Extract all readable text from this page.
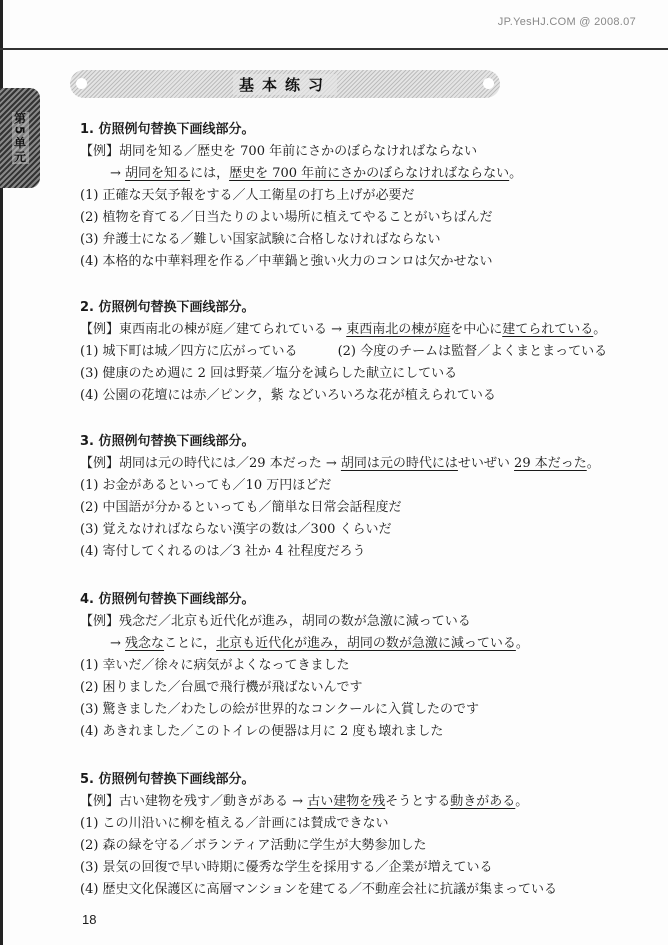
JP.YesHJ.COM @ 2008.07
基本练习
第5单元	1. 仿照例句替换下画线部分。
【例】胡同を知る／歴史を 700 年前にさかのぼらなければならない
→ 胡同を知るには，歴史を 700 年前にさかのぼらなければならない。
(1) 正確な天気予報をする／人工衛星の打ち上げが必要だ
(2) 植物を育てる／日当たりのよい場所に植えてやることがいちばんだ
(3) 弁護士になる／難しい国家試験に合格しなければならない
(4) 本格的な中華料理を作る／中華鍋と強い火力のコンロは欠かせない
2. 仿照例句替换下画线部分。
【例】東西南北の棟が庭／建てられている → 東西南北の棟が庭を中心に建てられている。
(1) 城下町は城／四方に広がっている	(2) 今度のチームは監督／よくまとまっている
(3) 健康のため週に 2 回は野菜／塩分を減らした献立にしている
(4) 公園の花壇には赤／ピンク，紫 などいろいろな花が植えられている
3. 仿照例句替换下画线部分。
【例】胡同は元の時代には／29 本だった → 胡同は元の時代にはせいぜい 29 本だった。
(1) お金があるといっても／10 万円ほどだ
(2) 中国語が分かるといっても／簡単な日常会話程度だ
(3) 覚えなければならない漢字の数は／300 くらいだ
(4) 寄付してくれるのは／3 社か 4 社程度だろう
4. 仿照例句替换下画线部分。
【例】残念だ／北京も近代化が進み，胡同の数が急激に減っている
→ 残念なことに，北京も近代化が進み，胡同の数が急激に減っている。
(1) 幸いだ／徐々に病気がよくなってきました
(2) 困りました／台風で飛行機が飛ばないんです
(3) 驚きました／わたしの絵が世界的なコンクールに入賞したのです
(4) あきれました／このトイレの便器は月に 2 度も壊れました
5. 仿照例句替换下画线部分。
【例】古い建物を残す／動きがある → 古い建物を残そうとする動きがある。
(1) この川沿いに柳を植える／計画には賛成できない
(2) 森の緑を守る／ボランティア活動に学生が大勢参加した
(3) 景気の回復で早い時期に優秀な学生を採用する／企業が増えている
(4) 歴史文化保護区に高層マンションを建てる／不動産会社に抗議が集まっている
18
